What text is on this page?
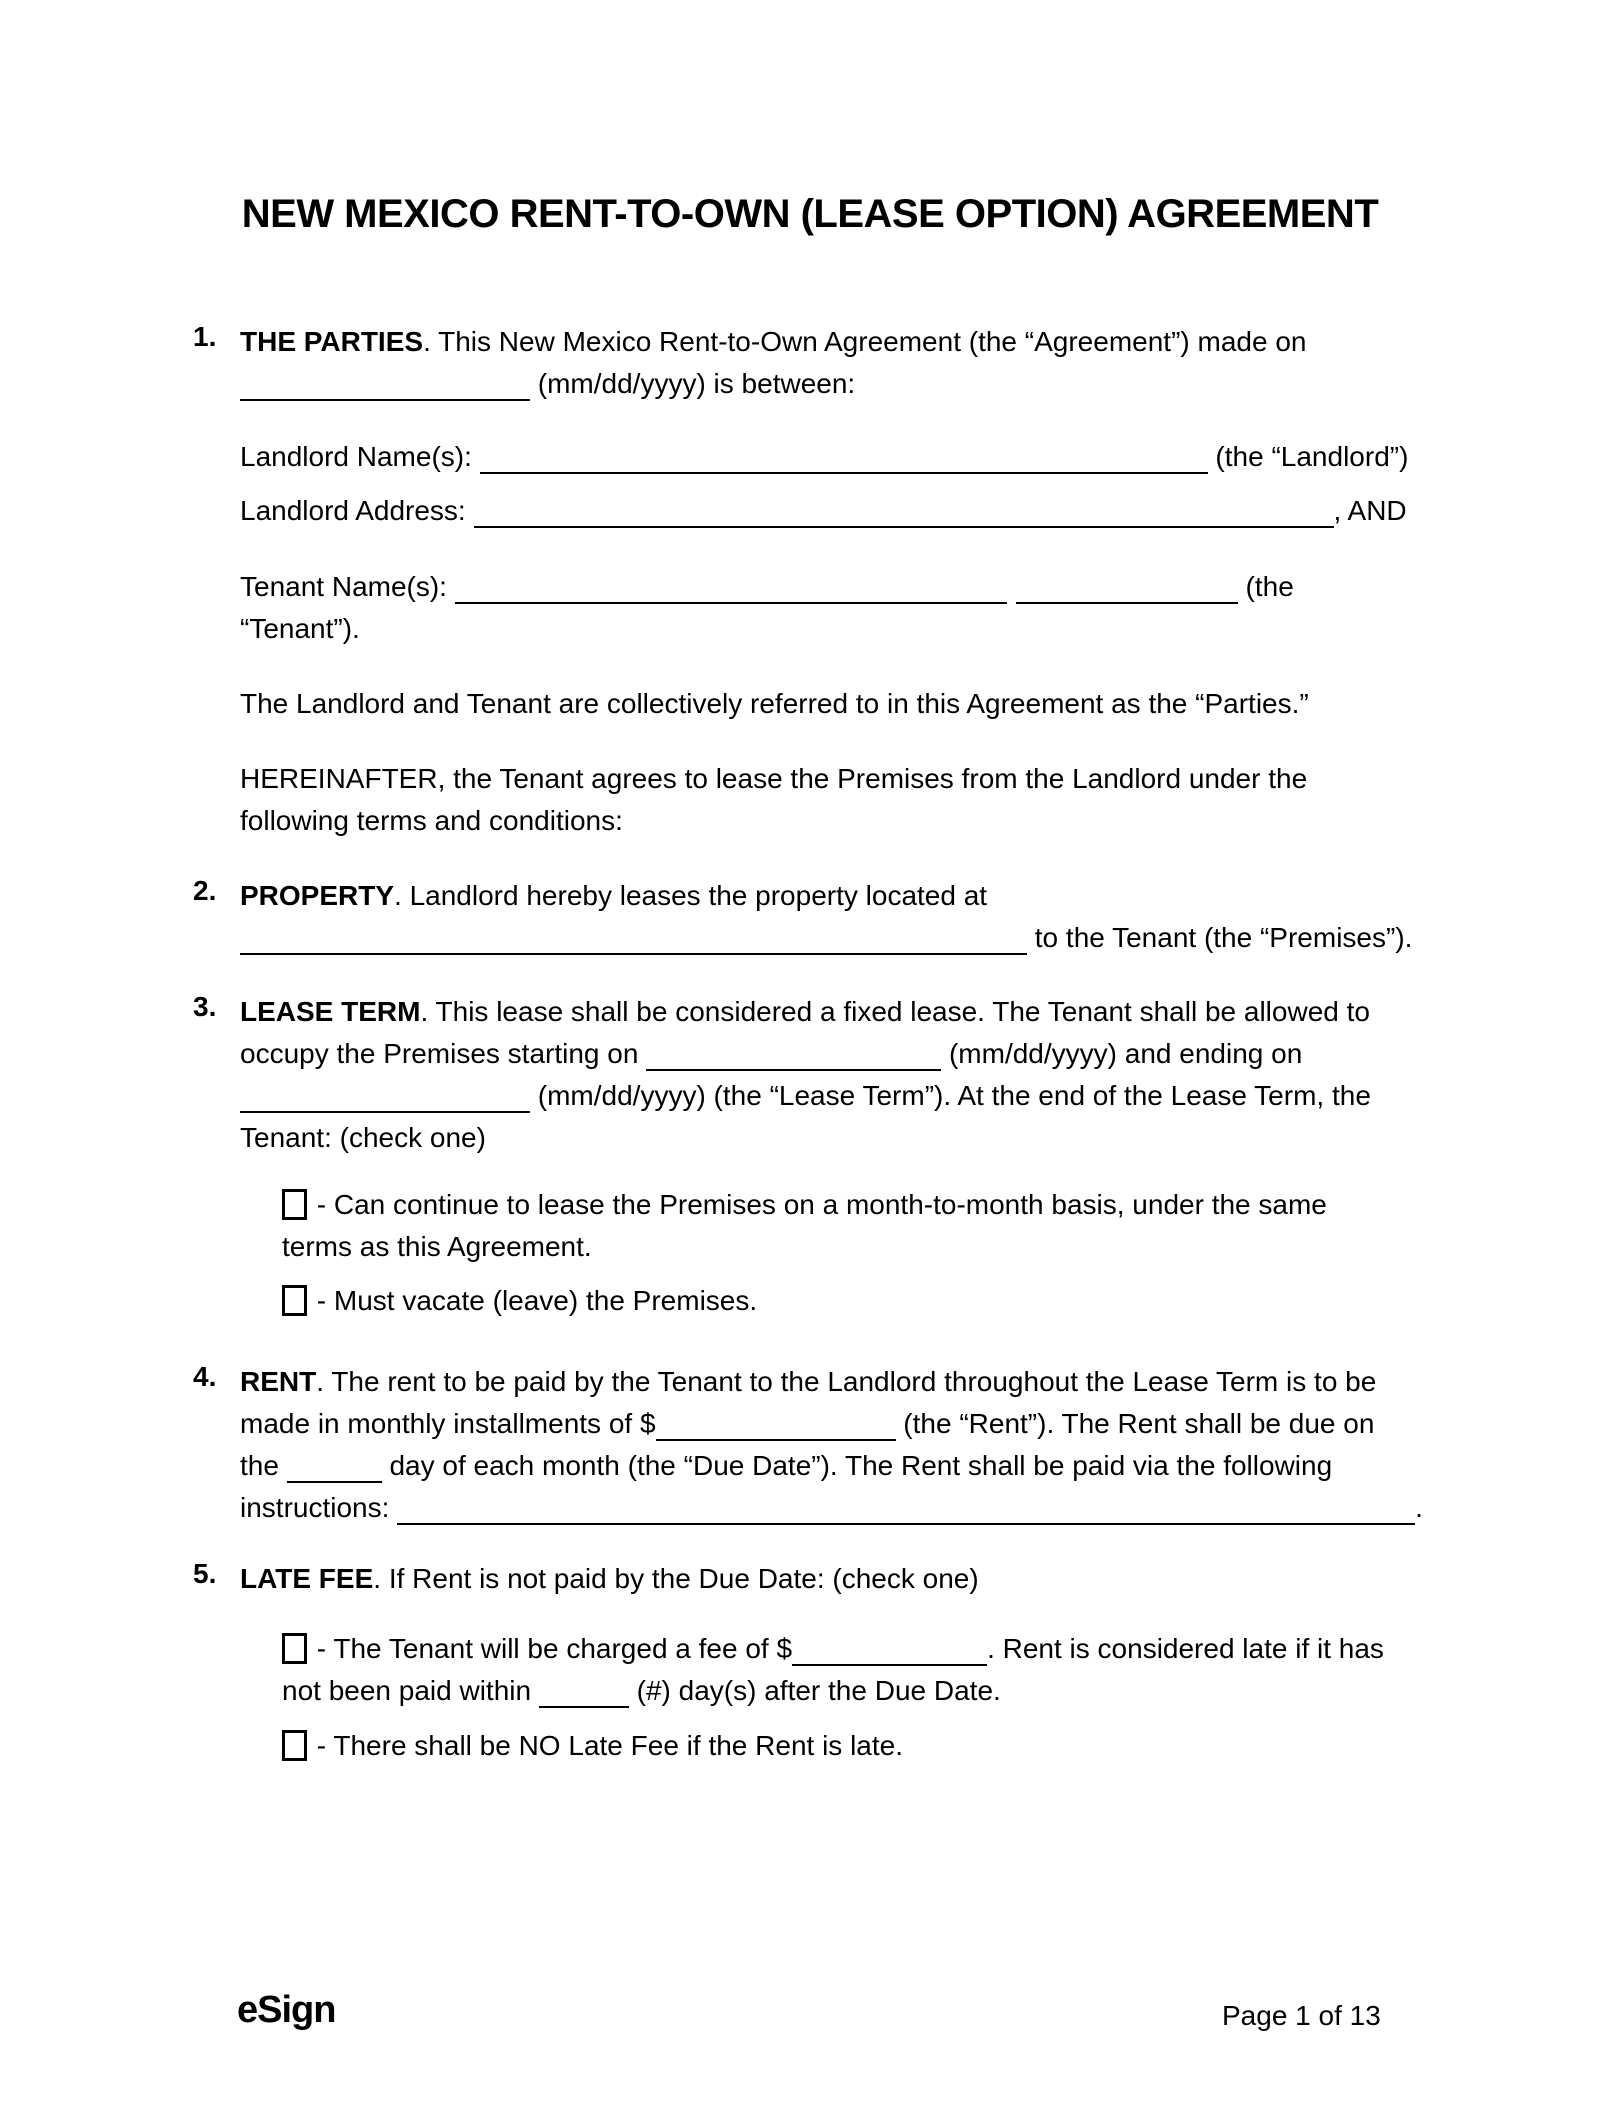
NEW MEXICO RENT-TO-OWN (LEASE OPTION) AGREEMENT
1. THE PARTIES. This New Mexico Rent-to-Own Agreement (the “Agreement”) made on
(mm/dd/yyyy) is between:
Landlord Name(s):	(the “Landlord”)
Landlord Address:	, AND
Tenant Name(s):	(the
“Tenant”).
The Landlord and Tenant are collectively referred to in this Agreement as the “Parties.”
HEREINAFTER, the Tenant agrees to lease the Premises from the Landlord under the
following terms and conditions:
2. PROPERTY. Landlord hereby leases the property located at
to the Tenant (the “Premises”).
3. LEASE TERM. This lease shall be considered a fixed lease. The Tenant shall be allowed to
occupy the Premises starting on	(mm/dd/yyyy) and ending on
(mm/dd/yyyy) (the “Lease Term”). At the end of the Lease Term, the
Tenant: (check one)
- Can continue to lease the Premises on a month-to-month basis, under the same
terms as this Agreement.
- Must vacate (leave) the Premises.
4. RENT. The rent to be paid by the Tenant to the Landlord throughout the Lease Term is to be
made in monthly installments of $	(the “Rent”). The Rent shall be due on
the	day of each month (the “Due Date”). The Rent shall be paid via the following
instructions:	.
5. LATE FEE. If Rent is not paid by the Due Date: (check one)
- The Tenant will be charged a fee of $	. Rent is considered late if it has
not been paid within	(#) day(s) after the Due Date.
- There shall be NO Late Fee if the Rent is late.
eSign	Page 1 of 13
